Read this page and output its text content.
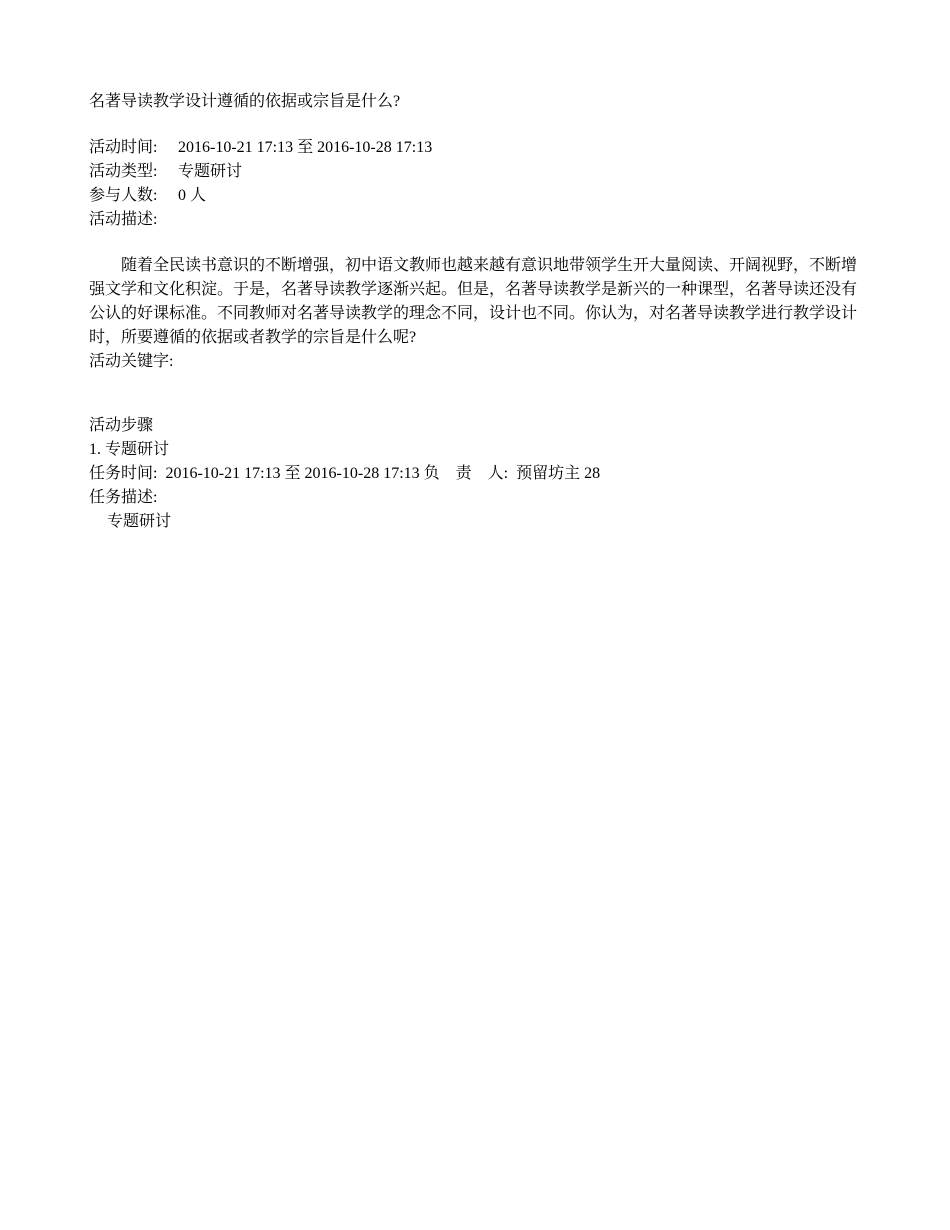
名著导读教学设计遵循的依据或宗旨是什么?
活动时间: 2016-10-21 17:13 至 2016-10-28 17:13
活动类型: 专题研讨
参与人数: 0 人
活动描述:

随着全民读书意识的不断增强，初中语文教师也越来越有意识地带领学生开大量阅读、开阔视野，不断增强文学和文化积淀。于是，名著导读教学逐渐兴起。但是，名著导读教学是新兴的一种课型，名著导读还没有公认的好课标准。不同教师对名著导读教学的理念不同，设计也不同。你认为，对名著导读教学进行教学设计时，所要遵循的依据或者教学的宗旨是什么呢?

活动关键字:
活动步骤
1. 专题研讨
任务时间: 2016-10-21 17:13 至 2016-10-28 17:13 负　责　人: 预留坊主 28
任务描述:
专题研讨
